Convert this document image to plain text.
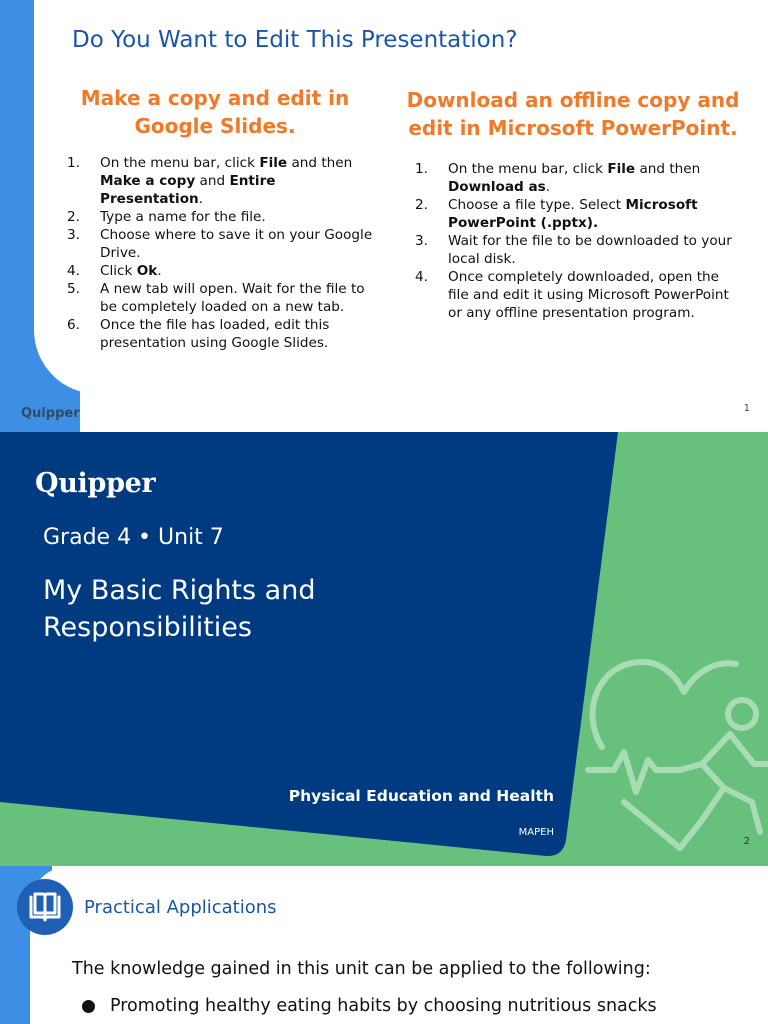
Do You Want to Edit This Presentation?
Make a copy and edit in Google Slides.
1. On the menu bar, click File and then Make a copy and Entire Presentation.
2. Type a name for the file.
3. Choose where to save it on your Google Drive.
4. Click Ok.
5. A new tab will open. Wait for the file to be completely loaded on a new tab.
6. Once the file has loaded, edit this presentation using Google Slides.
Download an offline copy and edit in Microsoft PowerPoint.
1. On the menu bar, click File and then Download as.
2. Choose a file type. Select Microsoft PowerPoint (.pptx).
3. Wait for the file to be downloaded to your local disk.
4. Once completely downloaded, open the file and edit it using Microsoft PowerPoint or any offline presentation program.
Quipper	1
Quipper
Grade 4 • Unit 7
My Basic Rights and Responsibilities
Physical Education and Health
MAPEH
2
Practical Applications
The knowledge gained in this unit can be applied to the following:
Promoting healthy eating habits by choosing nutritious snacks
